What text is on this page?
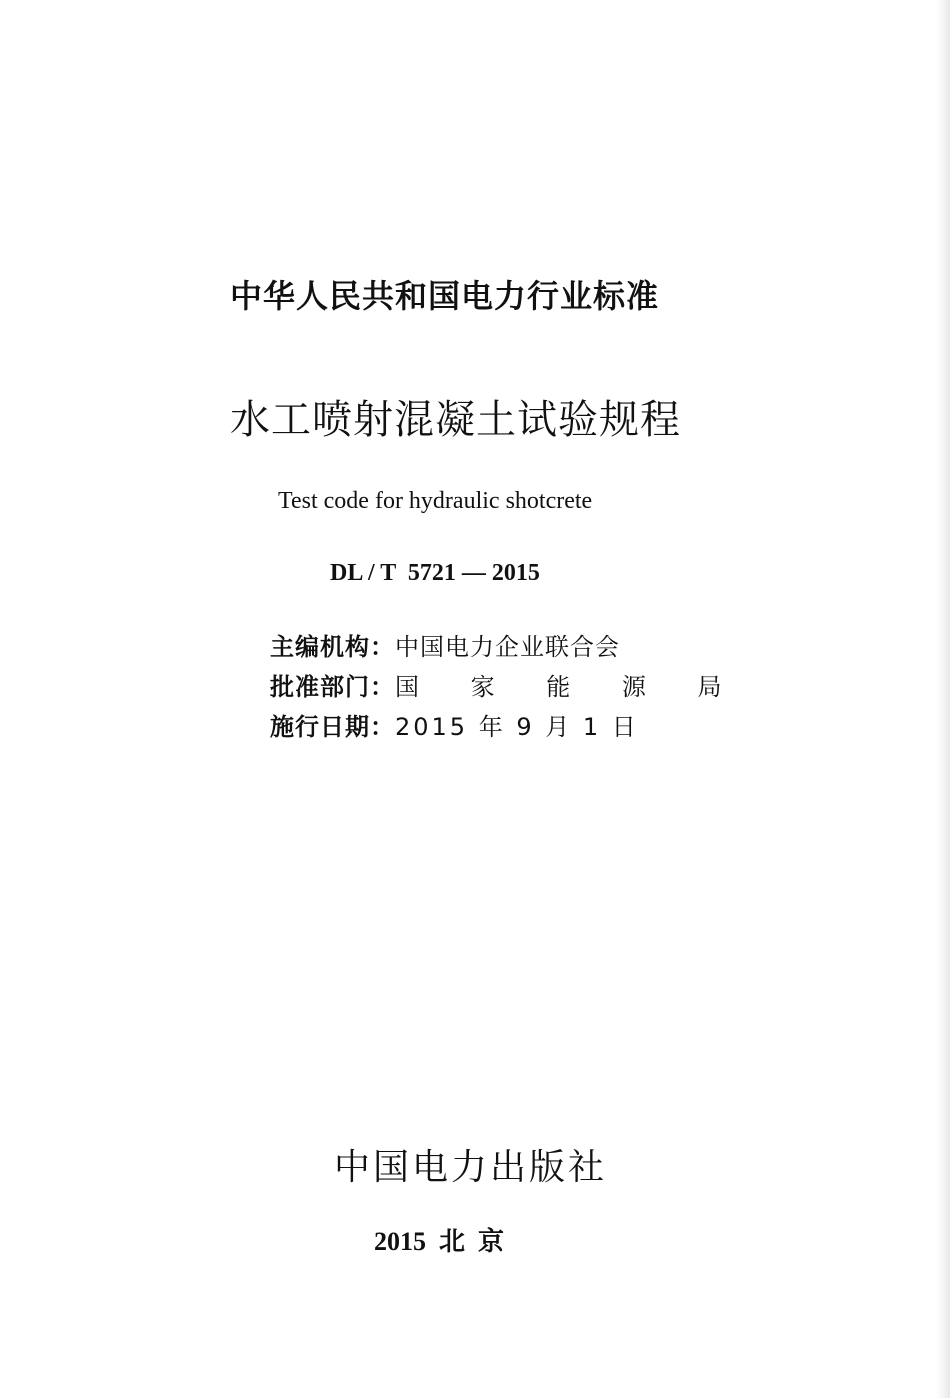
中华人民共和国电力行业标准
水工喷射混凝土试验规程
Test code for hydraulic shotcrete
DL / T  5721 — 2015
主编机构： 中国电力企业联合会
批准部门： 国 家 能 源 局
施行日期： 2015 年 9 月 1 日
中国电力出版社
2015  北  京
